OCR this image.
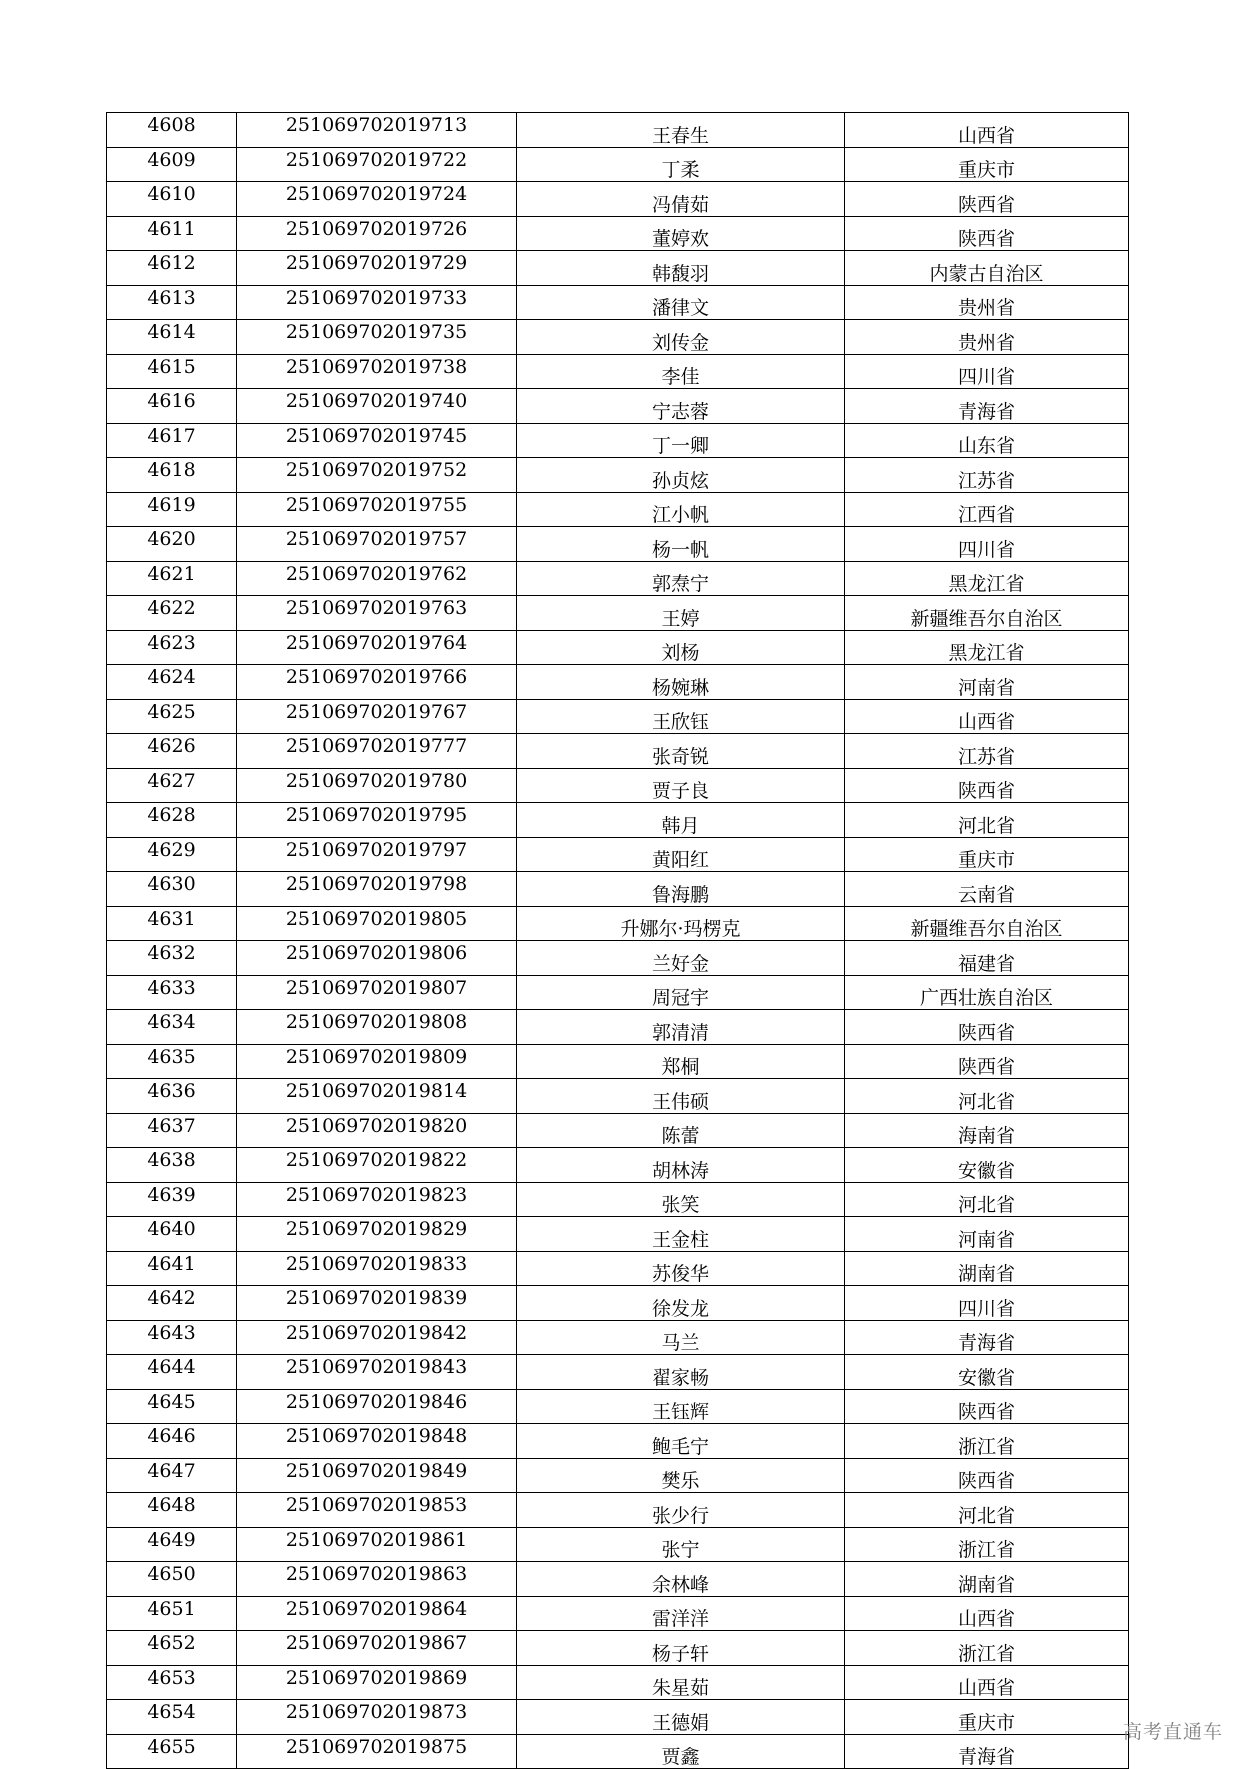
4608	251069702019713	王春生	山西省
4609	251069702019722	丁柔	重庆市
4610	251069702019724	冯倩茹	陕西省
4611	251069702019726	董婷欢	陕西省
4612	251069702019729	韩馥羽	内蒙古自治区
4613	251069702019733	潘律文	贵州省
4614	251069702019735	刘传金	贵州省
4615	251069702019738	李佳	四川省
4616	251069702019740	宁志蓉	青海省
4617	251069702019745	丁一卿	山东省
4618	251069702019752	孙贞炫	江苏省
4619	251069702019755	江小帆	江西省
4620	251069702019757	杨一帆	四川省
4621	251069702019762	郭焘宁	黑龙江省
4622	251069702019763	王婷	新疆维吾尔自治区
4623	251069702019764	刘杨	黑龙江省
4624	251069702019766	杨婉琳	河南省
4625	251069702019767	王欣钰	山西省
4626	251069702019777	张奇锐	江苏省
4627	251069702019780	贾子良	陕西省
4628	251069702019795	韩月	河北省
4629	251069702019797	黄阳红	重庆市
4630	251069702019798	鲁海鹏	云南省
4631	251069702019805	升娜尔·玛楞克	新疆维吾尔自治区
4632	251069702019806	兰好金	福建省
4633	251069702019807	周冠宇	广西壮族自治区
4634	251069702019808	郭清清	陕西省
4635	251069702019809	郑桐	陕西省
4636	251069702019814	王伟硕	河北省
4637	251069702019820	陈蕾	海南省
4638	251069702019822	胡林涛	安徽省
4639	251069702019823	张笑	河北省
4640	251069702019829	王金柱	河南省
4641	251069702019833	苏俊华	湖南省
4642	251069702019839	徐发龙	四川省
4643	251069702019842	马兰	青海省
4644	251069702019843	翟家畅	安徽省
4645	251069702019846	王钰辉	陕西省
4646	251069702019848	鲍毛宁	浙江省
4647	251069702019849	樊乐	陕西省
4648	251069702019853	张少行	河北省
4649	251069702019861	张宁	浙江省
4650	251069702019863	余林峰	湖南省
4651	251069702019864	雷洋洋	山西省
4652	251069702019867	杨子轩	浙江省
4653	251069702019869	朱星茹	山西省
4654	251069702019873	王德娟	重庆市
4655	251069702019875	贾鑫	青海省
高考直通车
